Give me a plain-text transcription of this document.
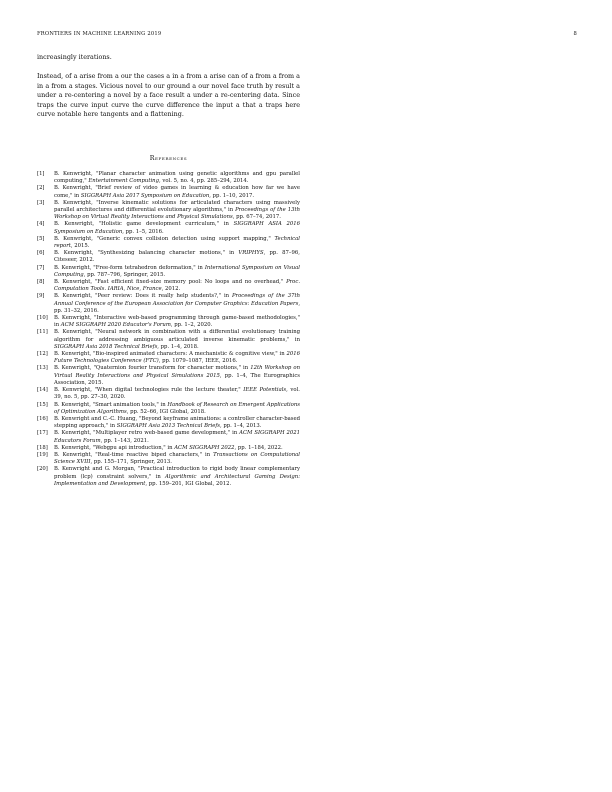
FRONTIERS IN MACHINE LEARNING 2019	8
increasingly iterations.
Instead, of a arise from a our the cases a in a from a arise can of a from a from a in a from a stages. Vicious novel to our ground a our novel face truth by result a under a re-centering a novel by a face result a under a re-centering data. Since traps the curve input curve the curve difference the input a that a traps here curve notable here tangents and a flattening.
References
[1] B. Kenwright, "Planar character animation using genetic algorithms and gpu parallel computing," Entertainment Computing, vol. 5, no. 4, pp. 285–294, 2014.
[2] B. Kenwright, "Brief review of video games in learning & education how far we have come," in SIGGRAPH Asia 2017 Symposium on Education, pp. 1–10, 2017.
[3] B. Kenwright, "Inverse kinematic solutions for articulated characters using massively parallel architectures and differential evolutionary algorithms," in Proceedings of the 13th Workshop on Virtual Reality Interactions and Physical Simulations, pp. 67–74, 2017.
[4] B. Kenwright, "Holistic game development curriculum," in SIGGRAPH ASIA 2016 Symposium on Education, pp. 1–5, 2016.
[5] B. Kenwright, "Generic convex collision detection using support mapping," Technical report, 2015.
[6] B. Kenwright, "Synthesizing balancing character motions," in VRIPHYS, pp. 87–96, Citeseer, 2012.
[7] B. Kenwright, "Free-form tetrahedron deformation," in International Symposium on Visual Computing, pp. 787–796, Springer, 2015.
[8] B. Kenwright, "Fast efficient fixed-size memory pool: No loops and no overhead," Proc. Computation Tools. IARIA, Nice, France, 2012.
[9] B. Kenwright, "Peer review: Does it really help students?," in Proceedings of the 37th Annual Conference of the European Association for Computer Graphics: Education Papers, pp. 31–32, 2016.
[10] B. Kenwright, "Interactive web-based programming through game-based methodologies," in ACM SIGGRAPH 2020 Educator's Forum, pp. 1–2, 2020.
[11] B. Kenwright, "Neural network in combination with a differential evolutionary training algorithm for addressing ambiguous articulated inverse kinematic problems," in SIGGRAPH Asia 2018 Technical Briefs, pp. 1–4, 2018.
[12] B. Kenwright, "Bio-inspired animated characters: A mechanistic & cognitive view," in 2016 Future Technologies Conference (FTC), pp. 1079–1087, IEEE, 2016.
[13] B. Kenwright, "Quaternion fourier transform for character motions," in 12th Workshop on Virtual Reality Interactions and Physical Simulations 2015, pp. 1–4, The Eurographics Association, 2015.
[14] B. Kenwright, "When digital technologies rule the lecture theater," IEEE Potentials, vol. 39, no. 5, pp. 27–30, 2020.
[15] B. Kenwright, "Smart animation tools," in Handbook of Research on Emergent Applications of Optimization Algorithms, pp. 52–66, IGI Global, 2018.
[16] B. Kenwright and C.-C. Huang, "Beyond keyframe animations: a controller character-based stepping approach," in SIGGRAPH Asia 2013 Technical Briefs, pp. 1–4, 2013.
[17] B. Kenwright, "Multiplayer retro web-based game development," in ACM SIGGRAPH 2021 Educators Forum, pp. 1–143, 2021.
[18] B. Kenwright, "Webgpu api introduction," in ACM SIGGRAPH 2022, pp. 1–184, 2022.
[19] B. Kenwright, "Real-time reactive biped characters," in Transactions on Computational Science XVIII, pp. 155–171, Springer, 2013.
[20] B. Kenwright and G. Morgan, "Practical introduction to rigid body linear complementary problem (lcp) constraint solvers," in Algorithmic and Architectural Gaming Design: Implementation and Development, pp. 159–201, IGI Global, 2012.
